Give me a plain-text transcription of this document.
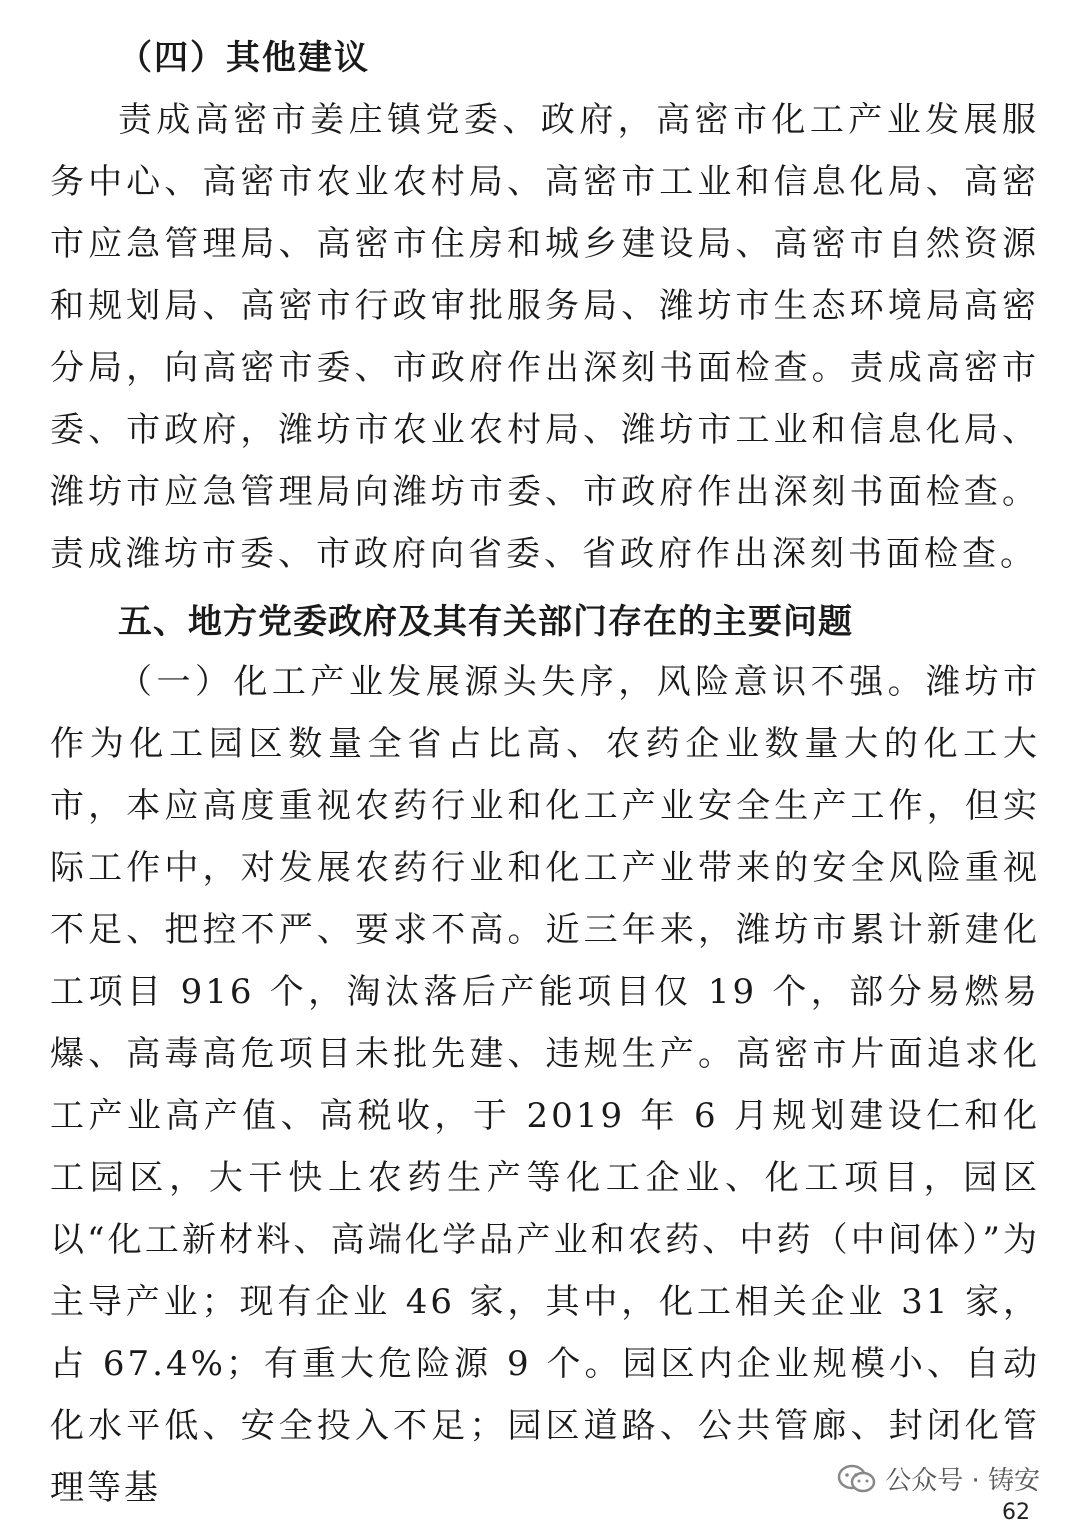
（四）其他建议

责成高密市姜庄镇党委、政府，高密市化工产业发展服务中心、高密市农业农村局、高密市工业和信息化局、高密市应急管理局、高密市住房和城乡建设局、高密市自然资源和规划局、高密市行政审批服务局、潍坊市生态环境局高密分局，向高密市委、市政府作出深刻书面检查。责成高密市委、市政府，潍坊市农业农村局、潍坊市工业和信息化局、潍坊市应急管理局向潍坊市委、市政府作出深刻书面检查。责成潍坊市委、市政府向省委、省政府作出深刻书面检查。

五、地方党委政府及其有关部门存在的主要问题

（一）化工产业发展源头失序，风险意识不强。潍坊市作为化工园区数量全省占比高、农药企业数量大的化工大市，本应高度重视农药行业和化工产业安全生产工作，但实际工作中，对发展农药行业和化工产业带来的安全风险重视不足、把控不严、要求不高。近三年来，潍坊市累计新建化工项目 916 个，淘汰落后产能项目仅 19 个，部分易燃易爆、高毒高危项目未批先建、违规生产。高密市片面追求化工产业高产值、高税收，于 2019 年 6 月规划建设仁和化工园区，大干快上农药生产等化工企业、化工项目，园区以“化工新材料、高端化学品产业和农药、中药（中间体）”为主导产业；现有企业 46 家，其中，化工相关企业 31 家，占 67.4%；有重大危险源 9 个。园区内企业规模小、自动化水平低、安全投入不足；园区道路、公共管廊、封闭化管理等基	公众号 · 铸安
62
